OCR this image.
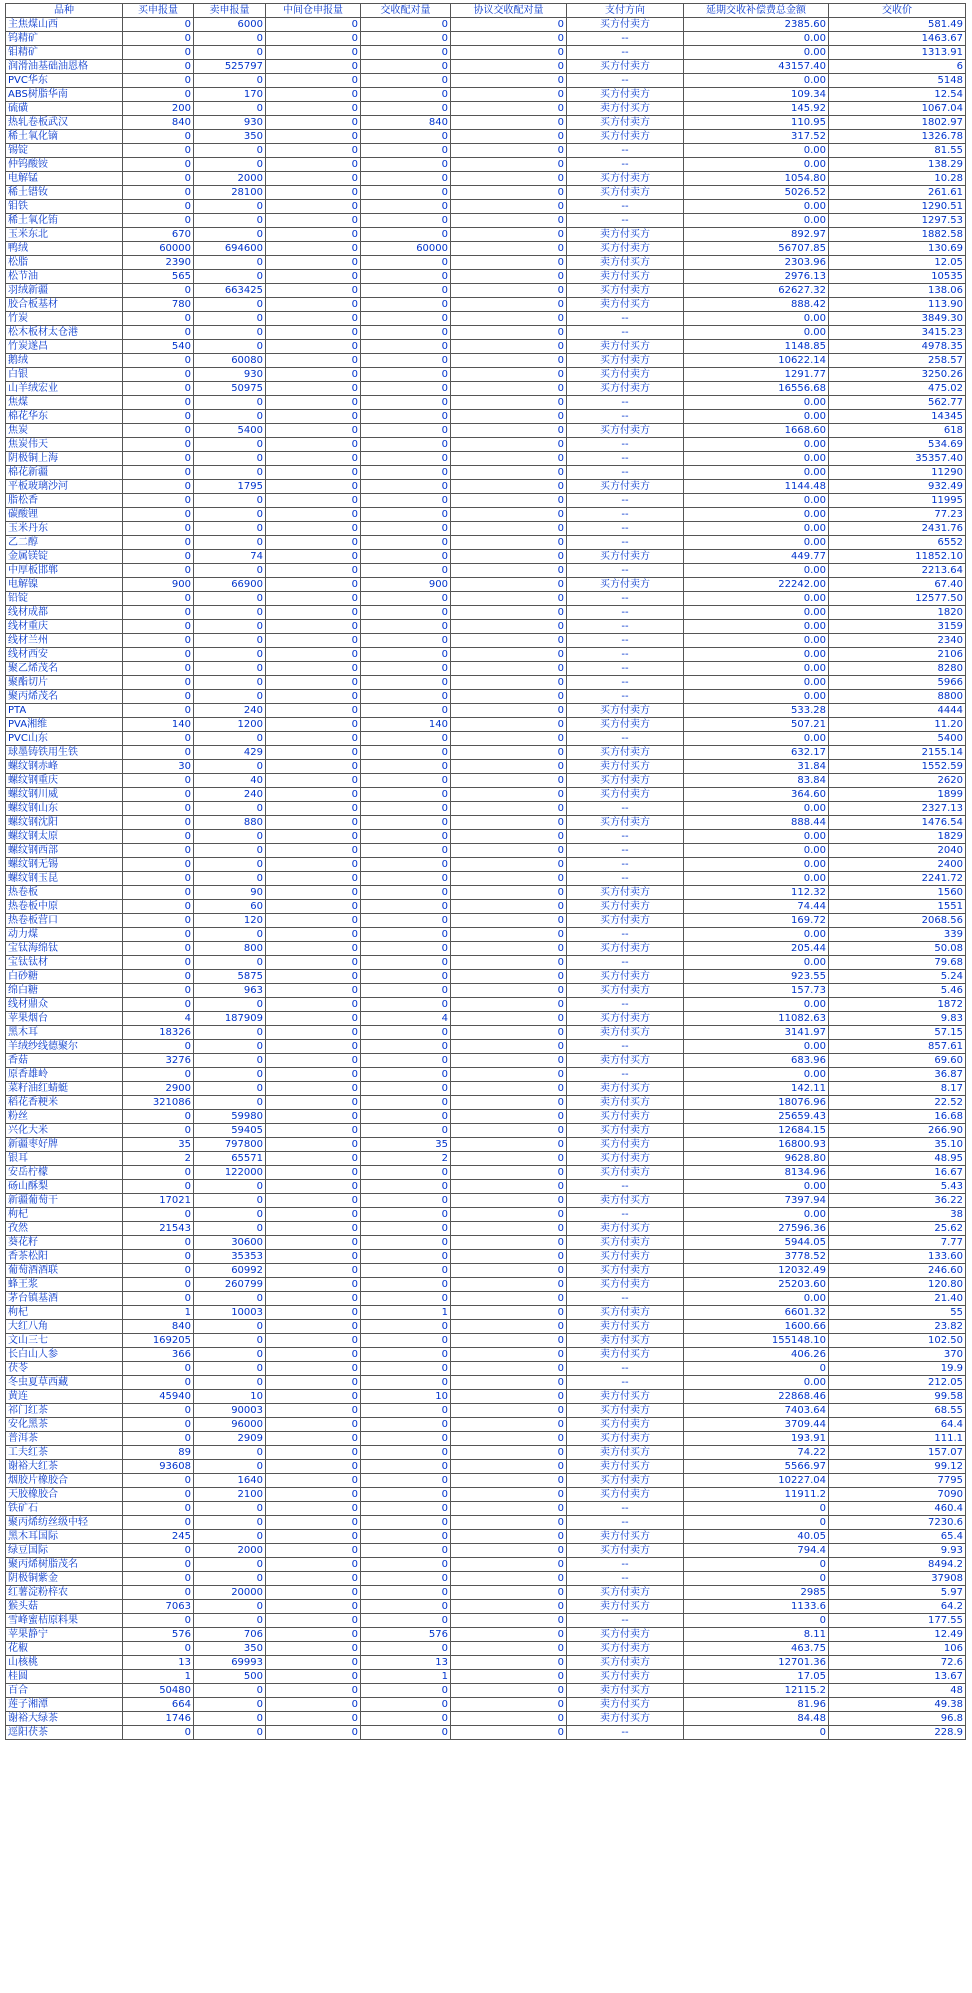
品种	买申报量	卖申报量	中间仓申报量	交收配对量	协议交收配对量	支付方向	延期交收补偿费总金额	交收价
主焦煤山西	0	6000	0	0	0	买方付卖方	2385.60	581.49
钨精矿	0	0	0	0	0	--	0.00	1463.67
钼精矿	0	0	0	0	0	--	0.00	1313.91
润滑油基础油恩格	0	525797	0	0	0	买方付卖方	43157.40	6
PVC华东	0	0	0	0	0	--	0.00	5148
ABS树脂华南	0	170	0	0	0	买方付卖方	109.34	12.54
硫磺	200	0	0	0	0	卖方付买方	145.92	1067.04
热轧卷板武汉	840	930	0	840	0	买方付卖方	110.95	1802.97
稀土氧化镝	0	350	0	0	0	买方付卖方	317.52	1326.78
锡锭	0	0	0	0	0	--	0.00	81.55
仲钨酸铵	0	0	0	0	0	--	0.00	138.29
电解锰	0	2000	0	0	0	买方付卖方	1054.80	10.28
稀土镨钕	0	28100	0	0	0	买方付卖方	5026.52	261.61
钼铁	0	0	0	0	0	--	0.00	1290.51
稀土氧化铕	0	0	0	0	0	--	0.00	1297.53
玉米东北	670	0	0	0	0	卖方付买方	892.97	1882.58
鸭绒	60000	694600	0	60000	0	买方付卖方	56707.85	130.69
松脂	2390	0	0	0	0	卖方付买方	2303.96	12.05
松节油	565	0	0	0	0	卖方付买方	2976.13	10535
羽绒新疆	0	663425	0	0	0	买方付卖方	62627.32	138.06
胶合板基材	780	0	0	0	0	卖方付买方	888.42	113.90
竹炭	0	0	0	0	0	--	0.00	3849.30
松木板材太仓港	0	0	0	0	0	--	0.00	3415.23
竹炭遂昌	540	0	0	0	0	卖方付买方	1148.85	4978.35
鹅绒	0	60080	0	0	0	买方付卖方	10622.14	258.57
白银	0	930	0	0	0	买方付卖方	1291.77	3250.26
山羊绒宏业	0	50975	0	0	0	买方付卖方	16556.68	475.02
焦煤	0	0	0	0	0	--	0.00	562.77
棉花华东	0	0	0	0	0	--	0.00	14345
焦炭	0	5400	0	0	0	买方付卖方	1668.60	618
焦炭伟天	0	0	0	0	0	--	0.00	534.69
阴极铜上海	0	0	0	0	0	--	0.00	35357.40
棉花新疆	0	0	0	0	0	--	0.00	11290
平板玻璃沙河	0	1795	0	0	0	买方付卖方	1144.48	932.49
脂松香	0	0	0	0	0	--	0.00	11995
碳酸锂	0	0	0	0	0	--	0.00	77.23
玉米丹东	0	0	0	0	0	--	0.00	2431.76
乙二醇	0	0	0	0	0	--	0.00	6552
金属镁锭	0	74	0	0	0	买方付卖方	449.77	11852.10
中厚板邯郸	0	0	0	0	0	--	0.00	2213.64
电解镍	900	66900	0	900	0	买方付卖方	22242.00	67.40
铅锭	0	0	0	0	0	--	0.00	12577.50
线材成都	0	0	0	0	0	--	0.00	1820
线材重庆	0	0	0	0	0	--	0.00	3159
线材兰州	0	0	0	0	0	--	0.00	2340
线材西安	0	0	0	0	0	--	0.00	2106
聚乙烯茂名	0	0	0	0	0	--	0.00	8280
聚酯切片	0	0	0	0	0	--	0.00	5966
聚丙烯茂名	0	0	0	0	0	--	0.00	8800
PTA	0	240	0	0	0	买方付卖方	533.28	4444
PVA湘维	140	1200	0	140	0	买方付卖方	507.21	11.20
PVC山东	0	0	0	0	0	--	0.00	5400
球墨铸铁用生铁	0	429	0	0	0	买方付卖方	632.17	2155.14
螺纹钢赤峰	30	0	0	0	0	卖方付买方	31.84	1552.59
螺纹钢重庆	0	40	0	0	0	买方付卖方	83.84	2620
螺纹钢川威	0	240	0	0	0	买方付卖方	364.60	1899
螺纹钢山东	0	0	0	0	0	--	0.00	2327.13
螺纹钢沈阳	0	880	0	0	0	买方付卖方	888.44	1476.54
螺纹钢太原	0	0	0	0	0	--	0.00	1829
螺纹钢西部	0	0	0	0	0	--	0.00	2040
螺纹钢无锡	0	0	0	0	0	--	0.00	2400
螺纹钢玉昆	0	0	0	0	0	--	0.00	2241.72
热卷板	0	90	0	0	0	买方付卖方	112.32	1560
热卷板中原	0	60	0	0	0	买方付卖方	74.44	1551
热卷板营口	0	120	0	0	0	买方付卖方	169.72	2068.56
动力煤	0	0	0	0	0	--	0.00	339
宝钛海绵钛	0	800	0	0	0	买方付卖方	205.44	50.08
宝钛钛材	0	0	0	0	0	--	0.00	79.68
白砂糖	0	5875	0	0	0	买方付卖方	923.55	5.24
绵白糖	0	963	0	0	0	买方付卖方	157.73	5.46
线材鼎众	0	0	0	0	0	--	0.00	1872
苹果烟台	4	187909	0	4	0	买方付卖方	11082.63	9.83
黑木耳	18326	0	0	0	0	卖方付买方	3141.97	57.15
羊绒纱线德聚尔	0	0	0	0	0	--	0.00	857.61
香菇	3276	0	0	0	0	卖方付买方	683.96	69.60
原香雄岭	0	0	0	0	0	--	0.00	36.87
菜籽油红蜻蜓	2900	0	0	0	0	卖方付买方	142.11	8.17
稻花香粳米	321086	0	0	0	0	卖方付买方	18076.96	22.52
粉丝	0	59980	0	0	0	买方付卖方	25659.43	16.68
兴化大米	0	59405	0	0	0	买方付卖方	12684.15	266.90
新疆枣好牌	35	797800	0	35	0	买方付卖方	16800.93	35.10
银耳	2	65571	0	2	0	买方付卖方	9628.80	48.95
安岳柠檬	0	122000	0	0	0	买方付卖方	8134.96	16.67
砀山酥梨	0	0	0	0	0	--	0.00	5.43
新疆葡萄干	17021	0	0	0	0	卖方付买方	7397.94	36.22
枸杞	0	0	0	0	0	--	0.00	38
孜然	21543	0	0	0	0	卖方付买方	27596.36	25.62
葵花籽	0	30600	0	0	0	买方付卖方	5944.05	7.77
香茶松阳	0	35353	0	0	0	买方付卖方	3778.52	133.60
葡萄酒酒联	0	60992	0	0	0	买方付卖方	12032.49	246.60
蜂王浆	0	260799	0	0	0	买方付卖方	25203.60	120.80
茅台镇基酒	0	0	0	0	0	--	0.00	21.40
枸杞	1	10003	0	1	0	买方付卖方	6601.32	55
大红八角	840	0	0	0	0	卖方付买方	1600.66	23.82
文山三七	169205	0	0	0	0	卖方付买方	155148.10	102.50
长白山人参	366	0	0	0	0	卖方付买方	406.26	370
茯苓	0	0	0	0	0	--	0	19.9
冬虫夏草西藏	0	0	0	0	0	--	0.00	212.05
黄连	45940	10	0	10	0	卖方付买方	22868.46	99.58
祁门红茶	0	90003	0	0	0	买方付卖方	7403.64	68.55
安化黑茶	0	96000	0	0	0	买方付卖方	3709.44	64.4
普洱茶	0	2909	0	0	0	买方付卖方	193.91	111.1
工夫红茶	89	0	0	0	0	卖方付买方	74.22	157.07
谢裕大红茶	93608	0	0	0	0	卖方付买方	5566.97	99.12
烟胶片橡胶合	0	1640	0	0	0	买方付卖方	10227.04	7795
天胶橡胶合	0	2100	0	0	0	买方付卖方	11911.2	7090
铁矿石	0	0	0	0	0	--	0	460.4
聚丙烯纺丝级中轻	0	0	0	0	0	--	0	7230.6
黑木耳国际	245	0	0	0	0	卖方付买方	40.05	65.4
绿豆国际	0	2000	0	0	0	买方付卖方	794.4	9.93
聚丙烯树脂茂名	0	0	0	0	0	--	0	8494.2
阴极铜紫金	0	0	0	0	0	--	0	37908
红薯淀粉梓农	0	20000	0	0	0	买方付卖方	2985	5.97
猴头菇	7063	0	0	0	0	卖方付买方	1133.6	64.2
雪峰蜜桔原料果	0	0	0	0	0	--	0	177.55
苹果静宁	576	706	0	576	0	买方付卖方	8.11	12.49
花椒	0	350	0	0	0	买方付卖方	463.75	106
山核桃	13	69993	0	13	0	买方付卖方	12701.36	72.6
桂圆	1	500	0	1	0	买方付卖方	17.05	13.67
百合	50480	0	0	0	0	卖方付买方	12115.2	48
莲子湘潭	664	0	0	0	0	卖方付买方	81.96	49.38
谢裕大绿茶	1746	0	0	0	0	卖方付买方	84.48	96.8
逕阳茯茶	0	0	0	0	0	--	0	228.9
